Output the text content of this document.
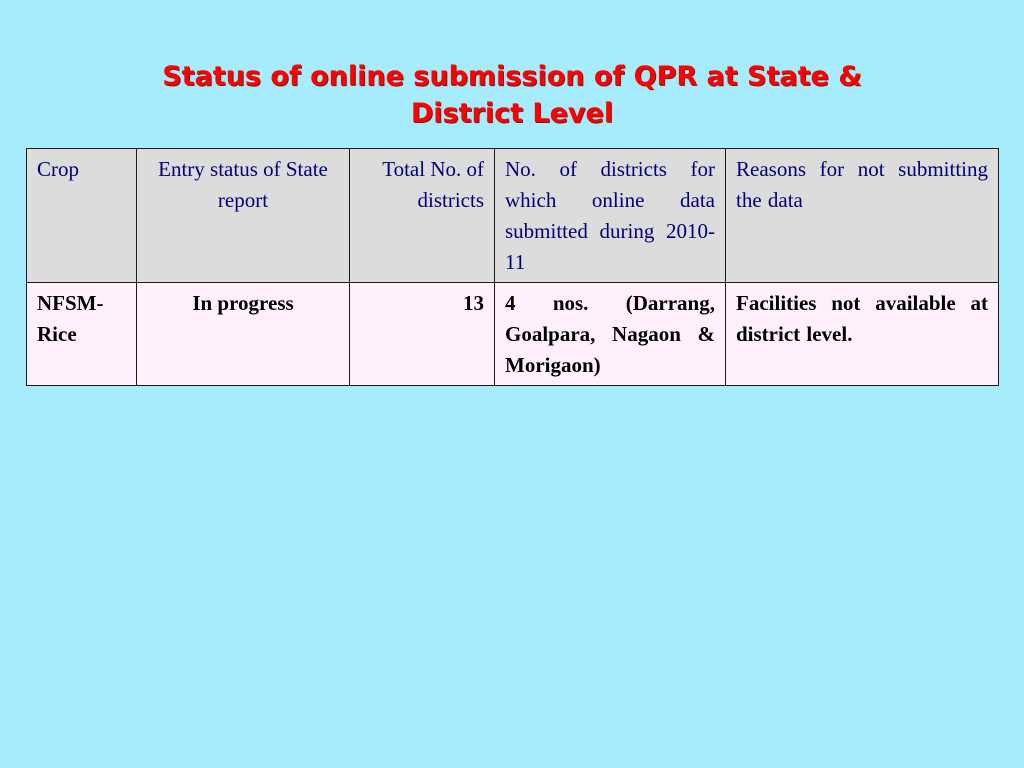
Status of online submission of QPR at State &
District Level
Crop	Entry status of State report	Total No. of districts	No. of districts for which online data submitted during 2010-11	Reasons for not submitting the data
NFSM-Rice	In progress	13	4 nos. (Darrang, Goalpara, Nagaon & Morigaon)	Facilities not available at district level.
